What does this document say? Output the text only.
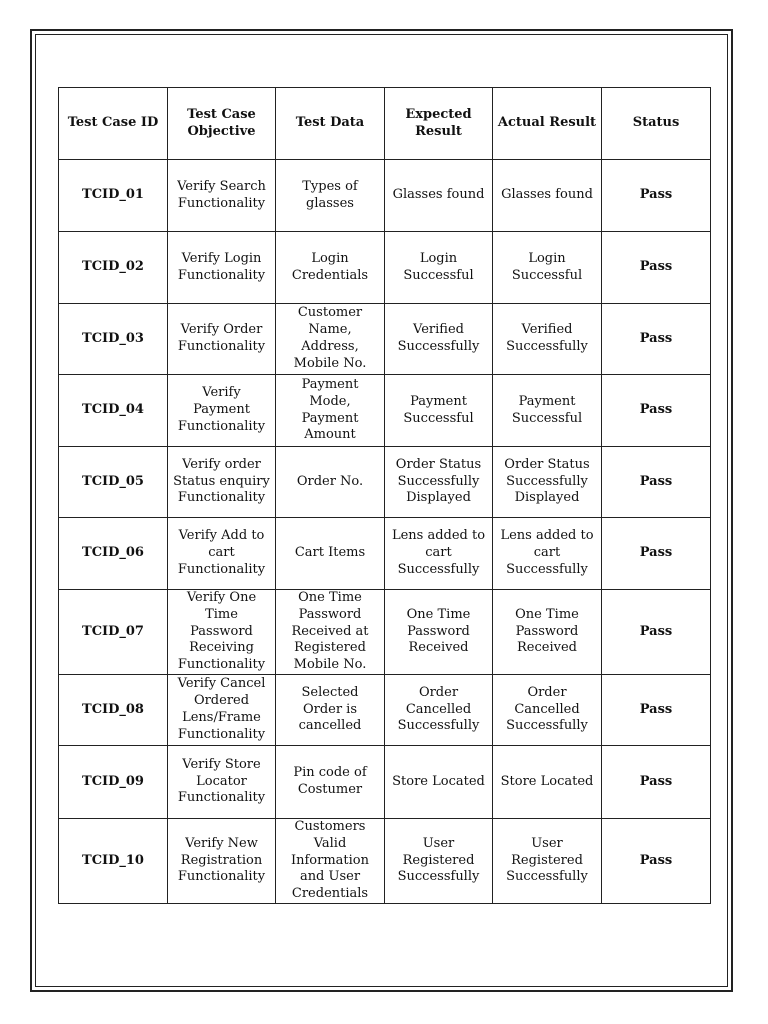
Test Case ID	Test Case Objective	Test Data	Expected Result	Actual Result	Status
TCID_01	Verify Search Functionality	Types of glasses	Glasses found	Glasses found	Pass
TCID_02	Verify Login Functionality	Login Credentials	Login Successful	Login Successful	Pass
TCID_03	Verify Order Functionality	Customer Name, Address, Mobile No.	Verified Successfully	Verified Successfully	Pass
TCID_04	Verify Payment Functionality	Payment Mode, Payment Amount	Payment Successful	Payment Successful	Pass
TCID_05	Verify order Status enquiry Functionality	Order No.	Order Status Successfully Displayed	Order Status Successfully Displayed	Pass
TCID_06	Verify Add to cart Functionality	Cart Items	Lens added to cart Successfully	Lens added to cart Successfully	Pass
TCID_07	Verify One Time Password Receiving Functionality	One Time Password Received at Registered Mobile No.	One Time Password Received	One Time Password Received	Pass
TCID_08	Verify Cancel Ordered Lens/Frame Functionality	Selected Order is cancelled	Order Cancelled Successfully	Order Cancelled Successfully	Pass
TCID_09	Verify Store Locator Functionality	Pin code of Costumer	Store Located	Store Located	Pass
TCID_10	Verify New Registration Functionality	Customers Valid Information and User Credentials	User Registered Successfully	User Registered Successfully	Pass
